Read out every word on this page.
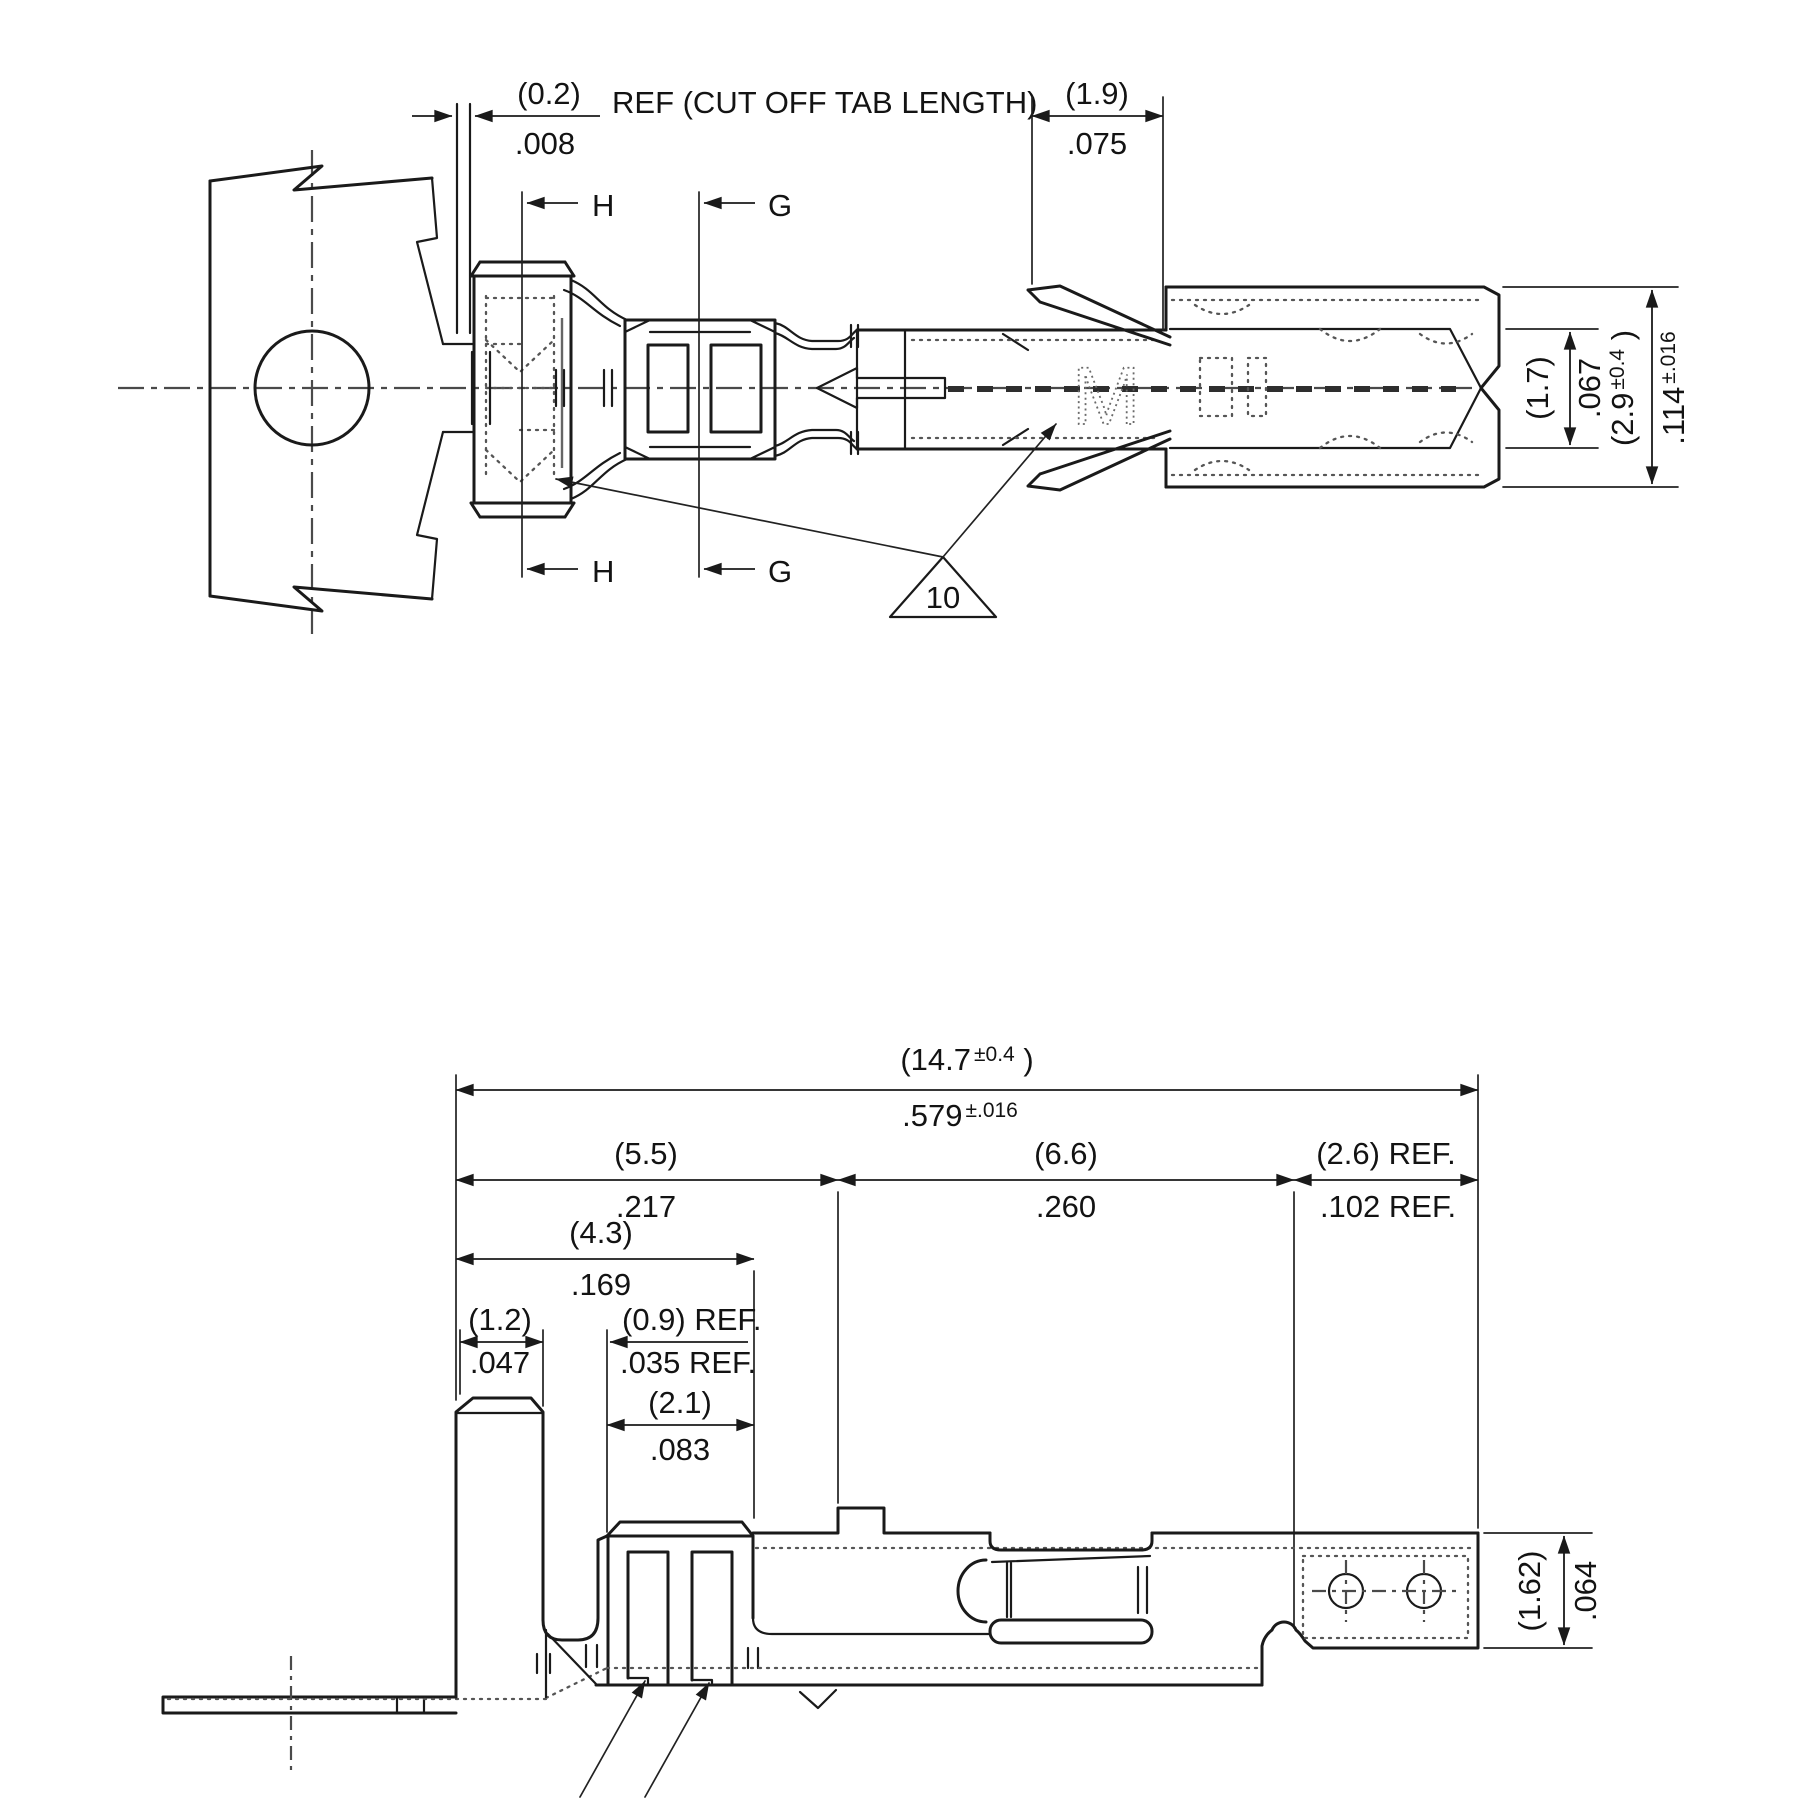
M
(0.2)
.008
REF (CUT OFF TAB LENGTH) (1.9)
.075
(1.7) .067
($2.9^{\pm 0.4}$ )
$.114^{\pm.016}$
H
H
G
G
10
(14.7 $^{\pm 0.4}$ )
.579 $^{\pm.016}$
(5.5)
.217
(6.6)
.260
(2.6) REF.
.102 REF.
(4.3)
.169
(1.2)
.047
(0.9) REF.
.035 REF.
(2.1)
.083
(1.62) .064
